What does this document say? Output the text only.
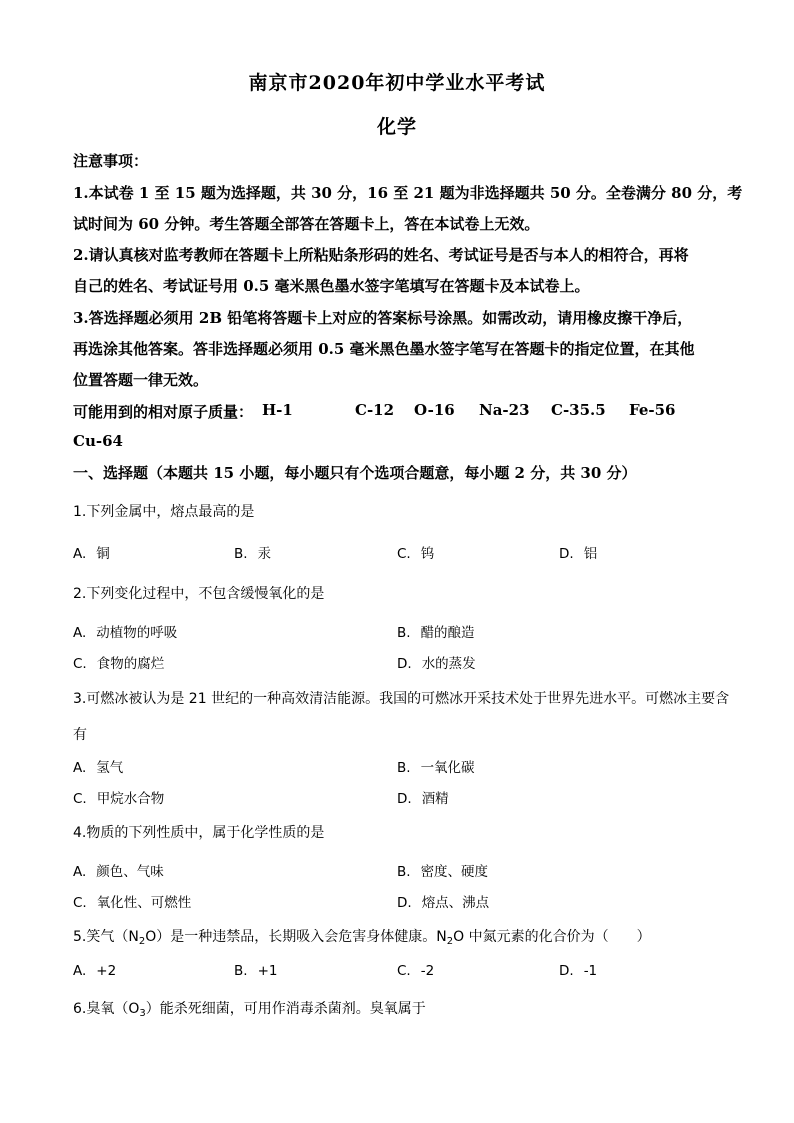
南京市2020年初中学业水平考试
化学
注意事项：
1.本试卷 1 至 15 题为选择题，共 30 分，16 至 21 题为非选择题共 50 分。全卷满分 80 分，考
试时间为 60 分钟。考生答题全部答在答题卡上，答在本试卷上无效。
2.请认真核对监考教师在答题卡上所粘贴条形码的姓名、考试证号是否与本人的相符合，再将
自己的姓名、考试证号用 0.5 毫米黑色墨水签字笔填写在答题卡及本试卷上。
3.答选择题必须用 2B 铅笔将答题卡上对应的答案标号涂黑。如需改动，请用橡皮擦干净后，
再选涂其他答案。答非选择题必须用 0.5 毫米黑色墨水签字笔写在答题卡的指定位置，在其他
位置答题一律无效。
可能用到的相对原子质量： H-1	C-12 O-16 Na-23 C-35.5 Fe-56
Cu-64
一、选择题（本题共 15 小题，每小题只有个选项合题意，每小题 2 分，共 30 分）
1.下列金属中，熔点最高的是
A. 铜	B. 汞	C. 钨	D. 铝
2.下列变化过程中，不包含缓慢氧化的是
A. 动植物的呼吸	B. 醋的酿造
C. 食物的腐烂	D. 水的蒸发
3.可燃冰被认为是 21 世纪的一种高效清洁能源。我国的可燃冰开采技术处于世界先进水平。可燃冰主要含
有
A. 氢气	B. 一氧化碳
C. 甲烷水合物	D. 酒精
4.物质的下列性质中，属于化学性质的是
A. 颜色、气味	B. 密度、硬度
C. 氧化性、可燃性	D. 熔点、沸点
5.笑气$(N_2O)$是一种违禁品，长期吸入会危害身体健康。$N_2O$ 中氮元素的化合价为（　　）
A. +2	B. +1	C. -2	D. -1
6.臭氧$(O_3)$能杀死细菌，可用作消毒杀菌剂。臭氧属于
